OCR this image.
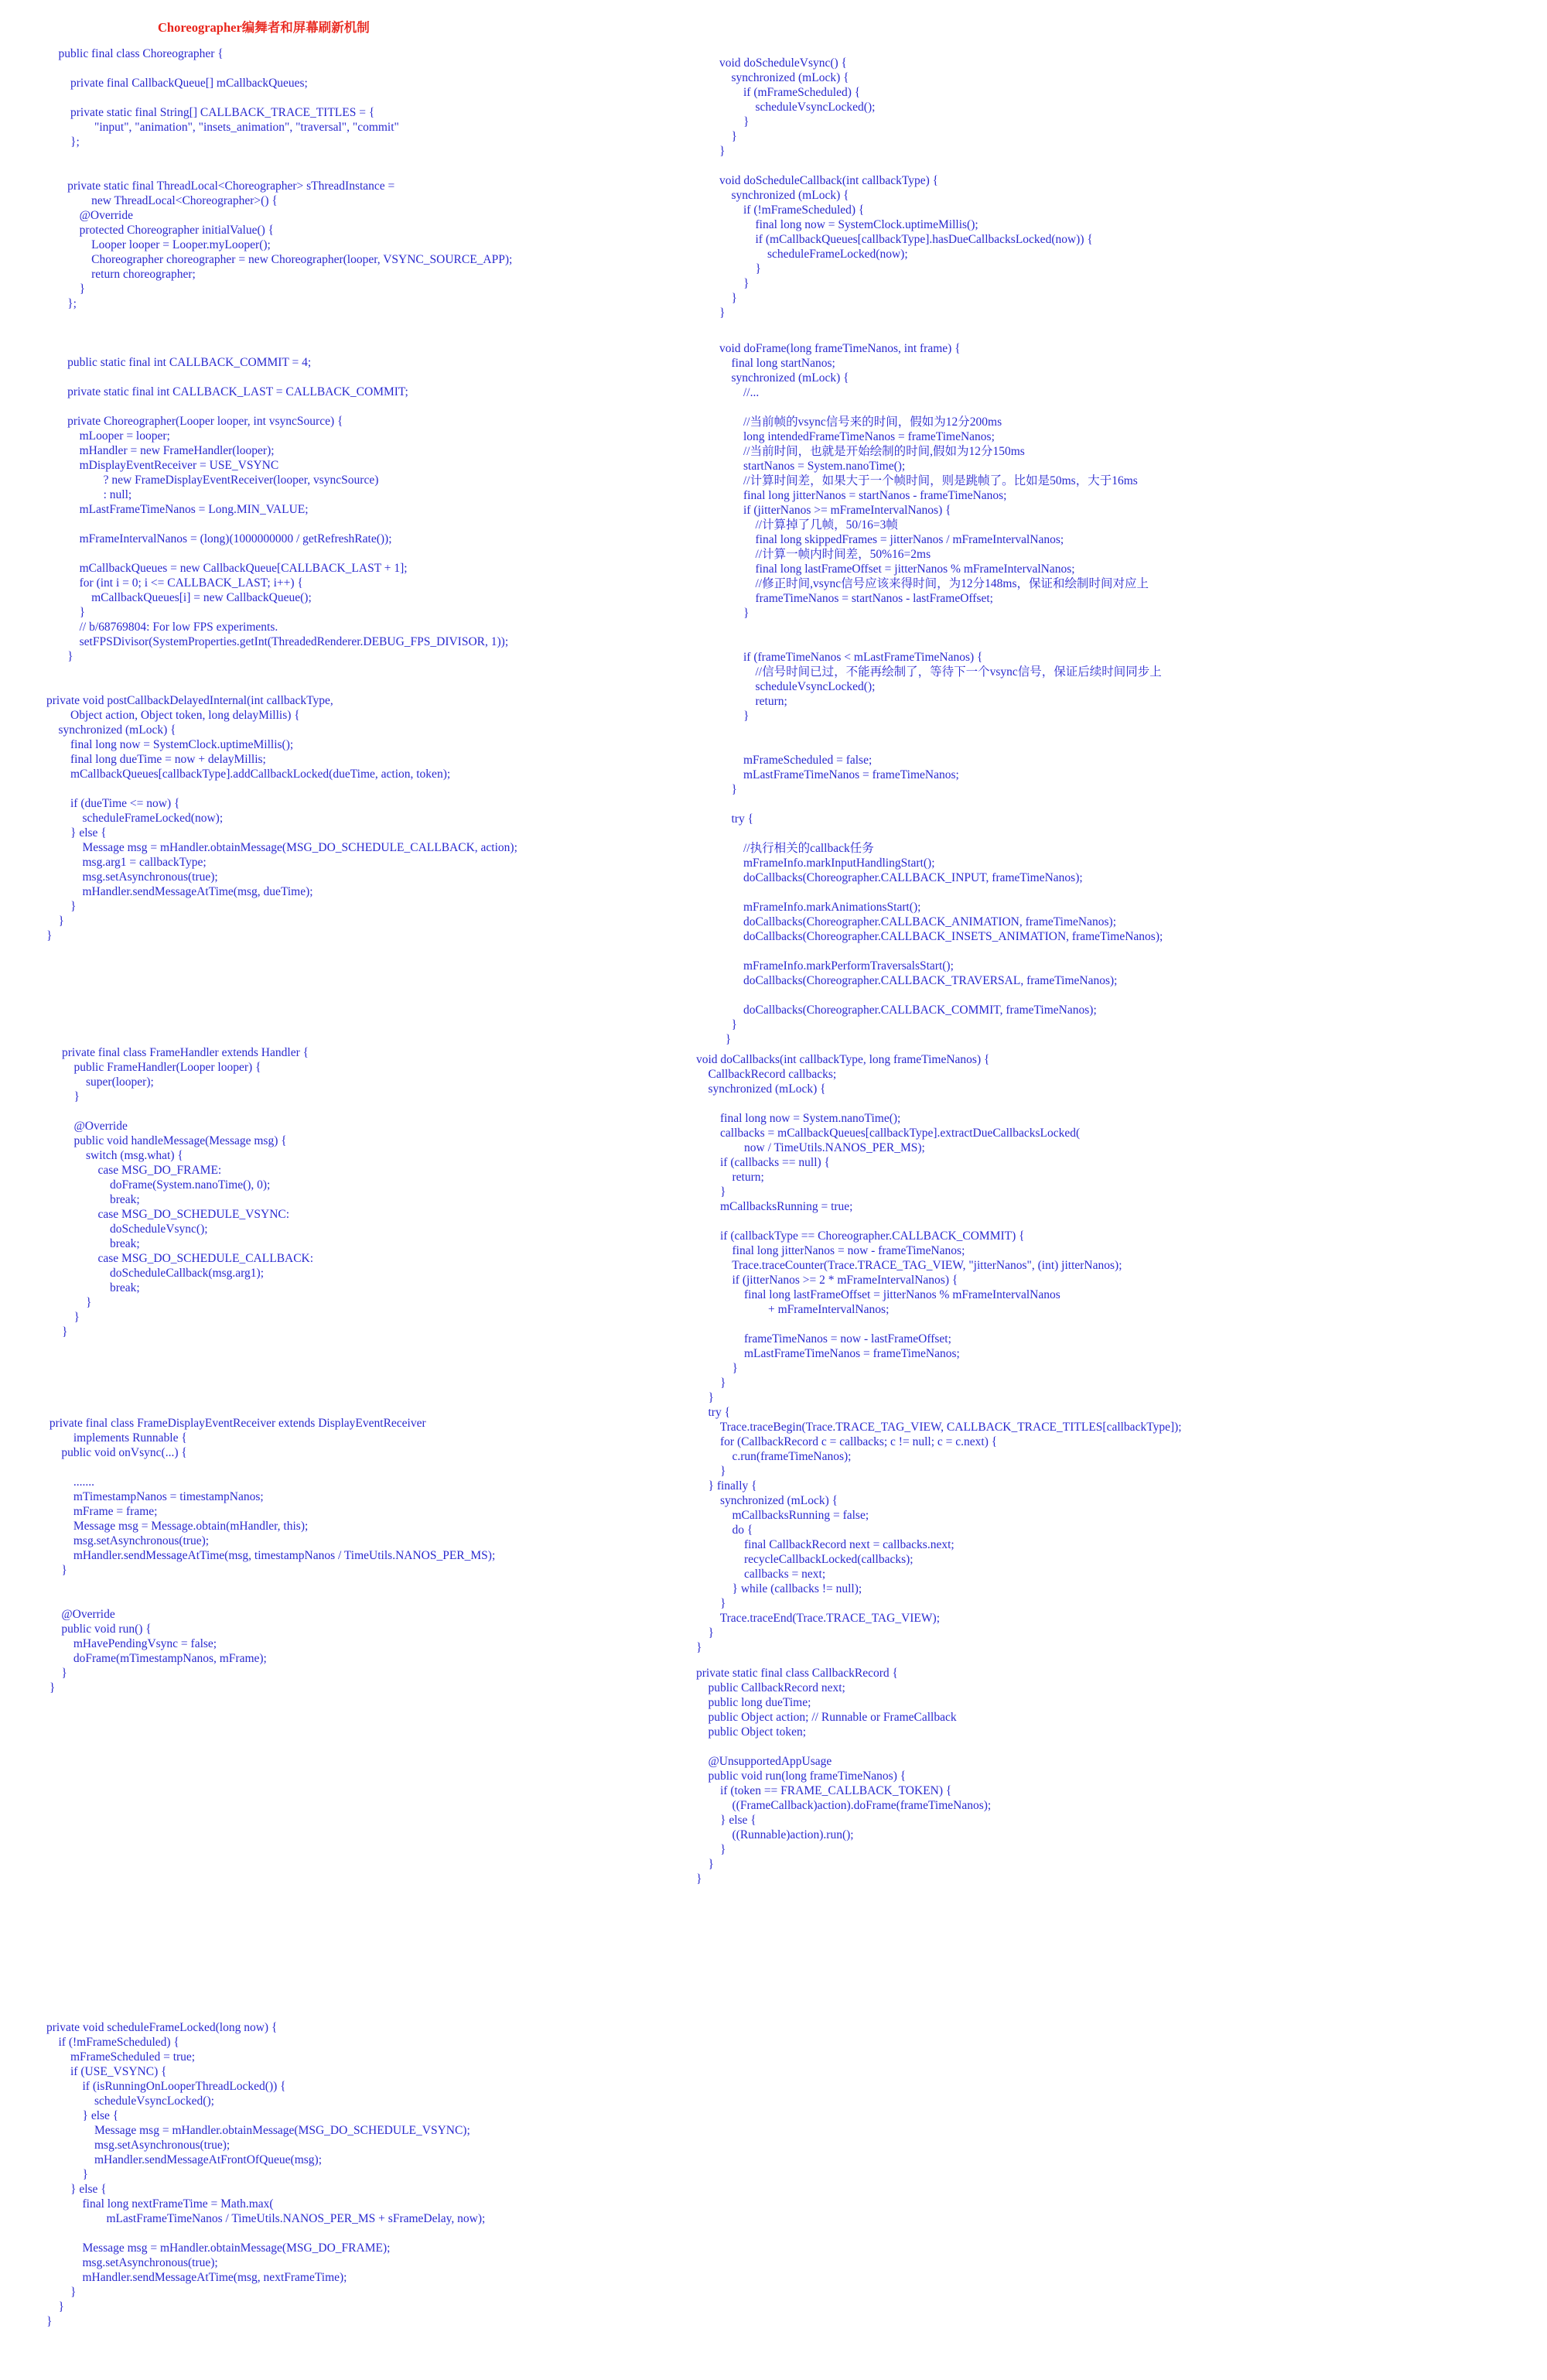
Choreographer编舞者和屏幕刷新机制
public final class Choreographer {

private final CallbackQueue[] mCallbackQueues;

private static final String[] CALLBACK_TRACE_TITLES = {
"input", "animation", "insets_animation", "traversal", "commit"
};

private static final ThreadLocal<Choreographer> sThreadInstance =
new ThreadLocal<Choreographer>() {
@Override
protected Choreographer initialValue() {
Looper looper = Looper.myLooper();
Choreographer choreographer = new Choreographer(looper, VSYNC_SOURCE_APP);
return choreographer;
}
};

public static final int CALLBACK_COMMIT = 4;

private static final int CALLBACK_LAST = CALLBACK_COMMIT;

private Choreographer(Looper looper, int vsyncSource) {
mLooper = looper;
mHandler = new FrameHandler(looper);
mDisplayEventReceiver = USE_VSYNC
? new FrameDisplayEventReceiver(looper, vsyncSource)
: null;
mLastFrameTimeNanos = Long.MIN_VALUE;

mFrameIntervalNanos = (long)(1000000000 / getRefreshRate());

mCallbackQueues = new CallbackQueue[CALLBACK_LAST + 1];
for (int i = 0; i <= CALLBACK_LAST; i++) {
mCallbackQueues[i] = new CallbackQueue();
}
// b/68769804: For low FPS experiments.
setFPSDivisor(SystemProperties.getInt(ThreadedRenderer.DEBUG_FPS_DIVISOR, 1));
}

private void postCallbackDelayedInternal(int callbackType,
Object action, Object token, long delayMillis) {
synchronized (mLock) {
final long now = SystemClock.uptimeMillis();
final long dueTime = now + delayMillis;
mCallbackQueues[callbackType].addCallbackLocked(dueTime, action, token);

if (dueTime <= now) {
scheduleFrameLocked(now);
} else {
Message msg = mHandler.obtainMessage(MSG_DO_SCHEDULE_CALLBACK, action);
msg.arg1 = callbackType;
msg.setAsynchronous(true);
mHandler.sendMessageAtTime(msg, dueTime);
}
}
}

private final class FrameHandler extends Handler {
public FrameHandler(Looper looper) {
super(looper);
}

@Override
public void handleMessage(Message msg) {
switch (msg.what) {
case MSG_DO_FRAME:
doFrame(System.nanoTime(), 0);
break;
case MSG_DO_SCHEDULE_VSYNC:
doScheduleVsync();
break;
case MSG_DO_SCHEDULE_CALLBACK:
doScheduleCallback(msg.arg1);
break;
}
}
}

private final class FrameDisplayEventReceiver extends DisplayEventReceiver
implements Runnable {
public void onVsync(...) {

.......
mTimestampNanos = timestampNanos;
mFrame = frame;
Message msg = Message.obtain(mHandler, this);
msg.setAsynchronous(true);
mHandler.sendMessageAtTime(msg, timestampNanos / TimeUtils.NANOS_PER_MS);
}

@Override
public void run() {
mHavePendingVsync = false;
doFrame(mTimestampNanos, mFrame);
}
}

private void scheduleFrameLocked(long now) {
if (!mFrameScheduled) {
mFrameScheduled = true;
if (USE_VSYNC) {
if (isRunningOnLooperThreadLocked()) {
scheduleVsyncLocked();
} else {
Message msg = mHandler.obtainMessage(MSG_DO_SCHEDULE_VSYNC);
msg.setAsynchronous(true);
mHandler.sendMessageAtFrontOfQueue(msg);
}
} else {
final long nextFrameTime = Math.max(
mLastFrameTimeNanos / TimeUtils.NANOS_PER_MS + sFrameDelay, now);

Message msg = mHandler.obtainMessage(MSG_DO_FRAME);
msg.setAsynchronous(true);
mHandler.sendMessageAtTime(msg, nextFrameTime);
}
}
}

void doScheduleVsync() {
synchronized (mLock) {
if (mFrameScheduled) {
scheduleVsyncLocked();
}
}
}

void doScheduleCallback(int callbackType) {
synchronized (mLock) {
if (!mFrameScheduled) {
final long now = SystemClock.uptimeMillis();
if (mCallbackQueues[callbackType].hasDueCallbacksLocked(now)) {
scheduleFrameLocked(now);
}
}
}
}

void doFrame(long frameTimeNanos, int frame) {
final long startNanos;
synchronized (mLock) {
//...

//当前帧的vsync信号来的时间，假如为12分200ms
long intendedFrameTimeNanos = frameTimeNanos;
//当前时间，也就是开始绘制的时间,假如为12分150ms
startNanos = System.nanoTime();
//计算时间差，如果大于一个帧时间，则是跳帧了。比如是50ms，大于16ms
final long jitterNanos = startNanos - frameTimeNanos;
if (jitterNanos >= mFrameIntervalNanos) {
//计算掉了几帧，50/16=3帧
final long skippedFrames = jitterNanos / mFrameIntervalNanos;
//计算一帧内时间差，50%16=2ms
final long lastFrameOffset = jitterNanos % mFrameIntervalNanos;
//修正时间,vsync信号应该来得时间，为12分148ms，保证和绘制时间对应上
frameTimeNanos = startNanos - lastFrameOffset;
}

if (frameTimeNanos < mLastFrameTimeNanos) {
//信号时间已过，不能再绘制了，等待下一个vsync信号，保证后续时间同步上
scheduleVsyncLocked();
return;
}

mFrameScheduled = false;
mLastFrameTimeNanos = frameTimeNanos;
}

try {

//执行相关的callback任务
mFrameInfo.markInputHandlingStart();
doCallbacks(Choreographer.CALLBACK_INPUT, frameTimeNanos);

mFrameInfo.markAnimationsStart();
doCallbacks(Choreographer.CALLBACK_ANIMATION, frameTimeNanos);
doCallbacks(Choreographer.CALLBACK_INSETS_ANIMATION, frameTimeNanos);

mFrameInfo.markPerformTraversalsStart();
doCallbacks(Choreographer.CALLBACK_TRAVERSAL, frameTimeNanos);

doCallbacks(Choreographer.CALLBACK_COMMIT, frameTimeNanos);
}
}

void doCallbacks(int callbackType, long frameTimeNanos) {
CallbackRecord callbacks;
synchronized (mLock) {

final long now = System.nanoTime();
callbacks = mCallbackQueues[callbackType].extractDueCallbacksLocked(
now / TimeUtils.NANOS_PER_MS);
if (callbacks == null) {
return;
}
mCallbacksRunning = true;

if (callbackType == Choreographer.CALLBACK_COMMIT) {
final long jitterNanos = now - frameTimeNanos;
Trace.traceCounter(Trace.TRACE_TAG_VIEW, "jitterNanos", (int) jitterNanos);
if (jitterNanos >= 2 * mFrameIntervalNanos) {
final long lastFrameOffset = jitterNanos % mFrameIntervalNanos
+ mFrameIntervalNanos;

frameTimeNanos = now - lastFrameOffset;
mLastFrameTimeNanos = frameTimeNanos;
}
}
}
try {
Trace.traceBegin(Trace.TRACE_TAG_VIEW, CALLBACK_TRACE_TITLES[callbackType]);
for (CallbackRecord c = callbacks; c != null; c = c.next) {
c.run(frameTimeNanos);
}
} finally {
synchronized (mLock) {
mCallbacksRunning = false;
do {
final CallbackRecord next = callbacks.next;
recycleCallbackLocked(callbacks);
callbacks = next;
} while (callbacks != null);
}
Trace.traceEnd(Trace.TRACE_TAG_VIEW);
}
}

private static final class CallbackRecord {
public CallbackRecord next;
public long dueTime;
public Object action; // Runnable or FrameCallback
public Object token;

@UnsupportedAppUsage
public void run(long frameTimeNanos) {
if (token == FRAME_CALLBACK_TOKEN) {
((FrameCallback)action).doFrame(frameTimeNanos);
} else {
((Runnable)action).run();
}
}
}
